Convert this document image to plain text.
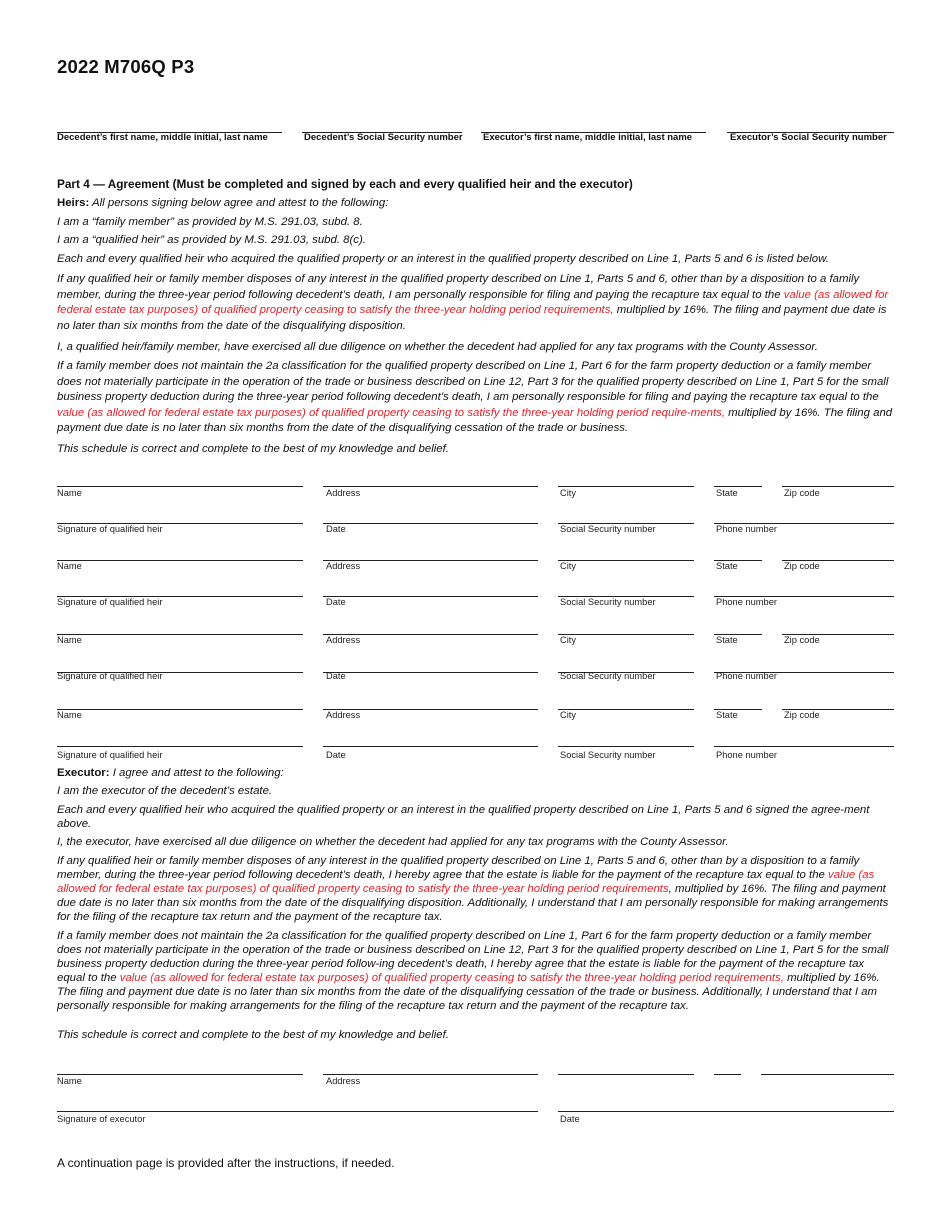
2022 M706Q P3
Decedent’s first name, middle initial, last name	Decedent’s Social Security number Executor’s first name, middle initial, last name	Executor’s Social Security number
Part 4 — Agreement (Must be completed and signed by each and every qualified heir and the executor)
Heirs: All persons signing below agree and attest to the following:
I am a “family member” as provided by M.S. 291.03, subd. 8.
I am a “qualified heir” as provided by M.S. 291.03, subd. 8(c).
Each and every qualified heir who acquired the qualified property or an interest in the qualified property described on Line 1, Parts 5 and 6 is listed below.
If any qualified heir or family member disposes of any interest in the qualified property described on Line 1, Parts 5 and 6, other than by a disposition to a family member, during the three-year period following decedent’s death, I am personally responsible for filing and paying the recapture tax equal to the value (as allowed for federal estate tax purposes) of qualified property ceasing to satisfy the three-year holding period requirements, multiplied by 16%. The filing and payment due date is no later than six months from the date of the disqualifying disposition.
I, a qualified heir/family member, have exercised all due diligence on whether the decedent had applied for any tax programs with the County Assessor.
If a family member does not maintain the 2a classification for the qualified property described on Line 1, Part 6 for the farm property deduction or a family member does not materially participate in the operation of the trade or business described on Line 12, Part 3 for the qualified property described on Line 1, Part 5 for the small business property deduction during the three-year period following decedent’s death, I am personally responsible for filing and paying the recapture tax equal to the value (as allowed for federal estate tax purposes) of qualified property ceasing to satisfy the three-year holding period require-ments, multiplied by 16%. The filing and payment due date is no later than six months from the date of the disqualifying cessation of the trade or business.
This schedule is correct and complete to the best of my knowledge and belief.
Name	Address	City	State	Zip code
Signature of qualified heir	Date	Social Security number	Phone number
Name	Address	City	State	Zip code
Signature of qualified heir	Date	Social Security number	Phone number
Name	Address	City	State	Zip code
Signature of qualified heir	Date	Social Security number	Phone number
Name	Address	City	State	Zip code
Signature of qualified heir	Date	Social Security number	Phone number
Executor: I agree and attest to the following:
I am the executor of the decedent’s estate.
Each and every qualified heir who acquired the qualified property or an interest in the qualified property described on Line 1, Parts 5 and 6 signed the agree-ment above.
I, the executor, have exercised all due diligence on whether the decedent had applied for any tax programs with the County Assessor.
If any qualified heir or family member disposes of any interest in the qualified property described on Line 1, Parts 5 and 6, other than by a disposition to a family member, during the three-year period following decedent’s death, I hereby agree that the estate is liable for the payment of the recapture tax equal to the value (as allowed for federal estate tax purposes) of qualified property ceasing to satisfy the three-year holding period requirements, multiplied by 16%. The filing and payment due date is no later than six months from the date of the disqualifying disposition. Additionally, I understand that I am personally responsible for making arrangements for the filing of the recapture tax return and the payment of the recapture tax.
If a family member does not maintain the 2a classification for the qualified property described on Line 1, Part 6 for the farm property deduction or a family member does not materially participate in the operation of the trade or business described on Line 12, Part 3 for the qualified property described on Line 1, Part 5 for the small business property deduction during the three-year period follow-ing decedent’s death, I hereby agree that the estate is liable for the payment of the recapture tax equal to the value (as allowed for federal estate tax purposes) of qualified property ceasing to satisfy the three-year holding period requirements, multiplied by 16%. The filing and payment due date is no later than six months from the date of the disqualifying cessation of the trade or business. Additionally, I understand that I am personally responsible for making arrangements for the filing of the recapture tax return and the payment of the recapture tax.
This schedule is correct and complete to the best of my knowledge and belief.
Name	Address
Signature of executor	Date
A continuation page is provided after the instructions, if needed.
